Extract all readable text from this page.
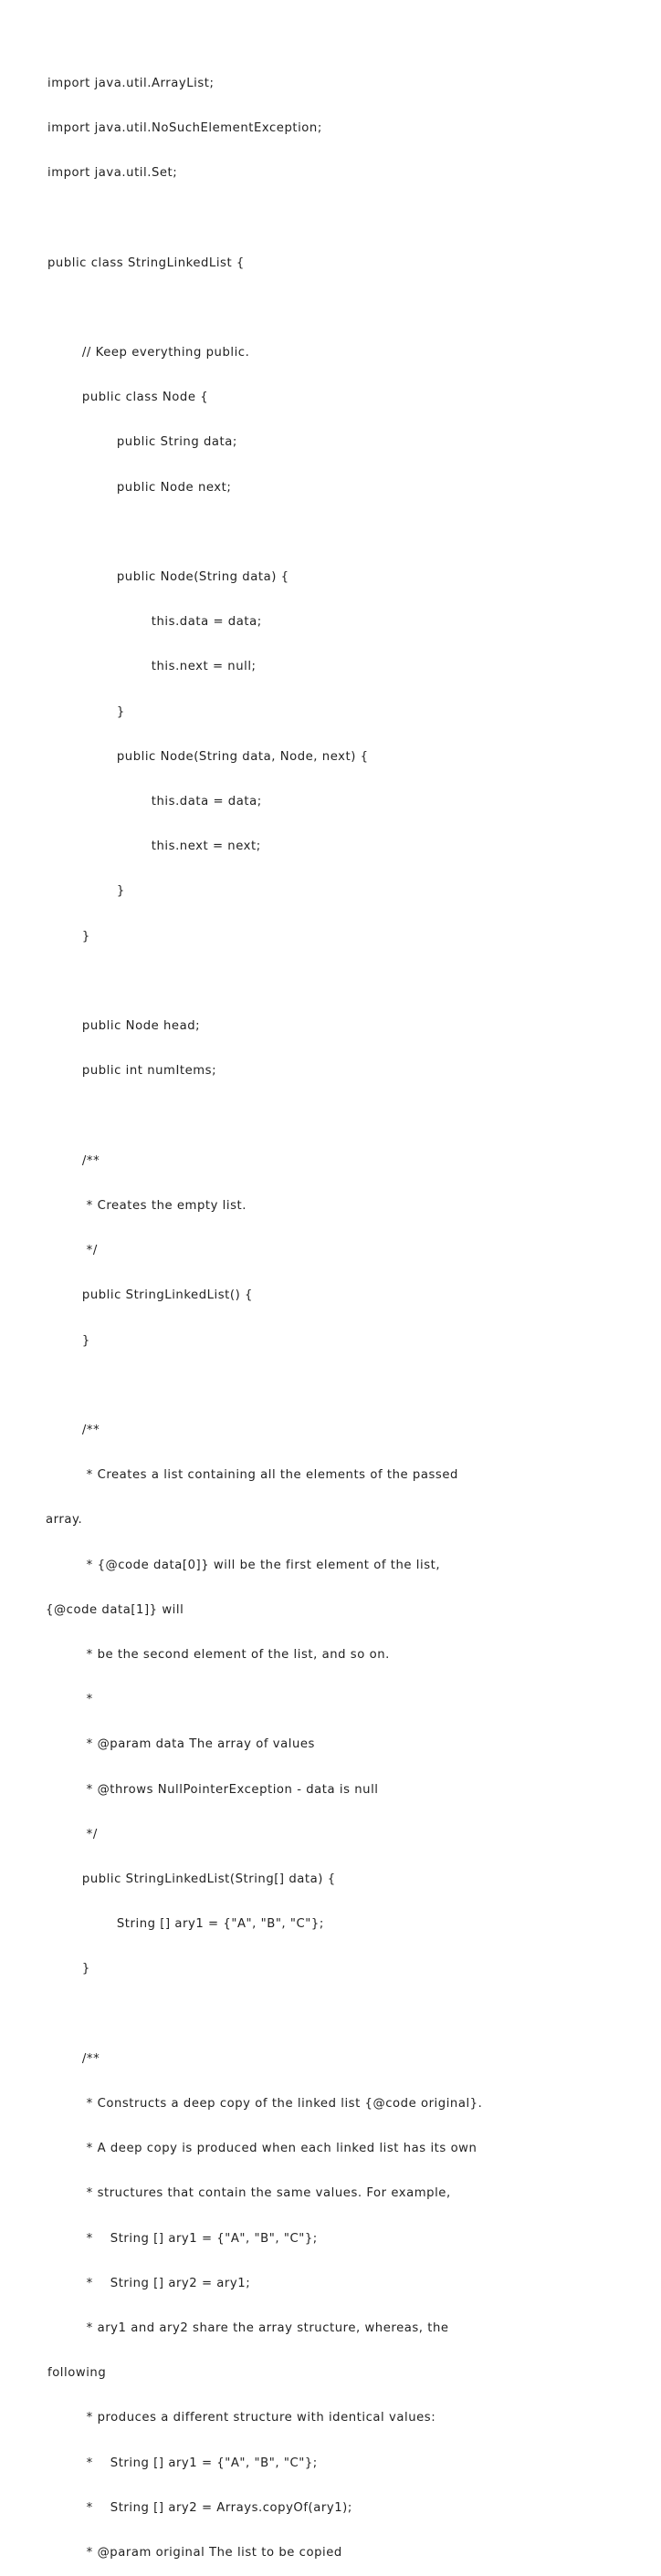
import java.util.ArrayList;

import java.util.NoSuchElementException;

import java.util.Set;

public class StringLinkedList {

// Keep everything public.

public class Node {

public String data;

public Node next;

public Node(String data) {

this.data = data;

this.next = null;

}

public Node(String data, Node, next) {

this.data = data;

this.next = next;

}

}

public Node head;

public int numItems;

/**

* Creates the empty list.

*/

public StringLinkedList() {

}

/**

* Creates a list containing all the elements of the passed

array.

* {@code data[0]} will be the first element of the list,

{@code data[1]} will

* be the second element of the list, and so on.

*

* @param data The array of values

* @throws NullPointerException - data is null

*/

public StringLinkedList(String[] data) {

String [] ary1 = {"A", "B", "C"};

}

/**

* Constructs a deep copy of the linked list {@code original}.

* A deep copy is produced when each linked list has its own

* structures that contain the same values. For example,

*    String [] ary1 = {"A", "B", "C"};

*    String [] ary2 = ary1;

* ary1 and ary2 share the array structure, whereas, the

following

* produces a different structure with identical values:

*    String [] ary1 = {"A", "B", "C"};

*    String [] ary2 = Arrays.copyOf(ary1);

* @param original The list to be copied
